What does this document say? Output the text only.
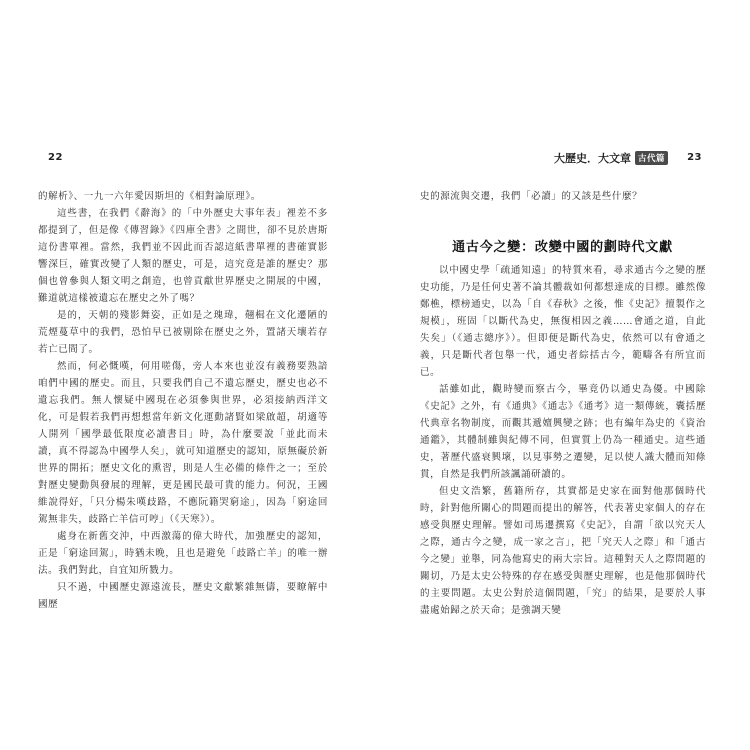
22

的解析》、一九一六年愛因斯坦的《相對論原理》。

這些書，在我們《辭海》的「中外歷史大事年表」裡差不多都提到了，但是像《傳習錄》《四庫全書》之間世，卻不見於唐斯這份書單裡。當然，我們並不因此而否認這紙書單裡的書確實影響深巨，確實改變了人類的歷史，可是，這究竟是誰的歷史？那個也曾參與人類文明之創造，也曾貢獻世界歷史之開展的中國，難道就這樣被遺忘在歷史之外了嗎？

是的，天朝的殘影舞姿，正如是之瑰瑋，翹楫在文化遷陋的荒煙蔓草中的我們，恐怕早已被剔除在歷史之外，置諸天壤若存若亡已間了。

然而，何必慨嘆，何用嗟傷，旁人本來也並沒有義務要熟諳咱們中國的歷史。而且，只要我們自己不遺忘歷史，歷史也必不遺忘我們。無人懷疑中國現在必須參與世界，必須接納西洋文化，可是假若我們再想想當年新文化運動諸賢如梁啟超，胡適等人開列「國學最低限度必讀書目」時，為什麼要說「並此而未讀，真不得認為中國學人矣」，就可知道歷史的認知，原無礙於新世界的開拓；歷史文化的熏習，則是人生必備的條件之一；至於對歷史變動與發展的理解，更是國民最可貴的能力。何況，王國維說得好，「只分楊朱嘆歧路，不應阮籍哭窮途」，因為「窮途回駕無非失，歧路亡羊信可哼」（《天寒》）。

處身在新舊交沖，中西激蕩的偉大時代，加強歷史的認知，正是「窮途回駕」，時猶未晚，且也是避免「歧路亡羊」的唯一辦法。我們對此，自宜知所戮力。

只不過，中國歷史源遠流長，歷史文獻繁雜無儔，要瞭解中國歷

大歷史．大文章 古代篇	23

史的源流與交遷，我們「必讀」的又該是些什麼？

通古今之變：改變中國的劃時代文獻

以中國史學「疏通知遠」的特質來看，尋求通古今之變的歷史功能，乃是任何史著不論其體裁如何都想達成的目標。雖然像鄭樵，標榜通史，以為「自《春秋》之後，惟《史記》擅製作之規模」，班固「以斷代為史，無復相因之義……會通之道，自此失矣」（《通志總序》）。但即便是斷代為史，依然可以有會通之義，只是斷代者包舉一代，通史者綜括古今，範疇各有所宜而已。

話雖如此，觀時變而察古今，畢竟仍以通史為優。中國除《史記》之外，有《通典》《通志》《通考》這一類傳統，囊括歷代典章名物制度，而觀其遞嬗興變之跡；也有編年為史的《資治通鑑》，其體制雖與紀傳不同，但實質上仍為一種通史。這些通史，著歷代盛衰興壞，以見事勢之遷變，足以使人識大體而知條貫，自然是我們所該諷誦研讀的。

但史文浩繁，舊籍所存，其實都是史家在面對他那個時代時，針對他所關心的問題而提出的解答，代表著史家個人的存在感受與歷史理解。譬如司馬遷撰寫《史記》，自謂「欲以究天人之際，通古今之變，成一家之言」，把「究天人之際」和「通古今之變」並舉，同為他寫史的兩大宗旨。這種對天人之際問題的關切，乃是太史公特殊的存在感受與歷史理解，也是他那個時代的主要問題。太史公對於這個問題，「究」的結果，是要於人事盡處始歸之於天命；是強調天變
